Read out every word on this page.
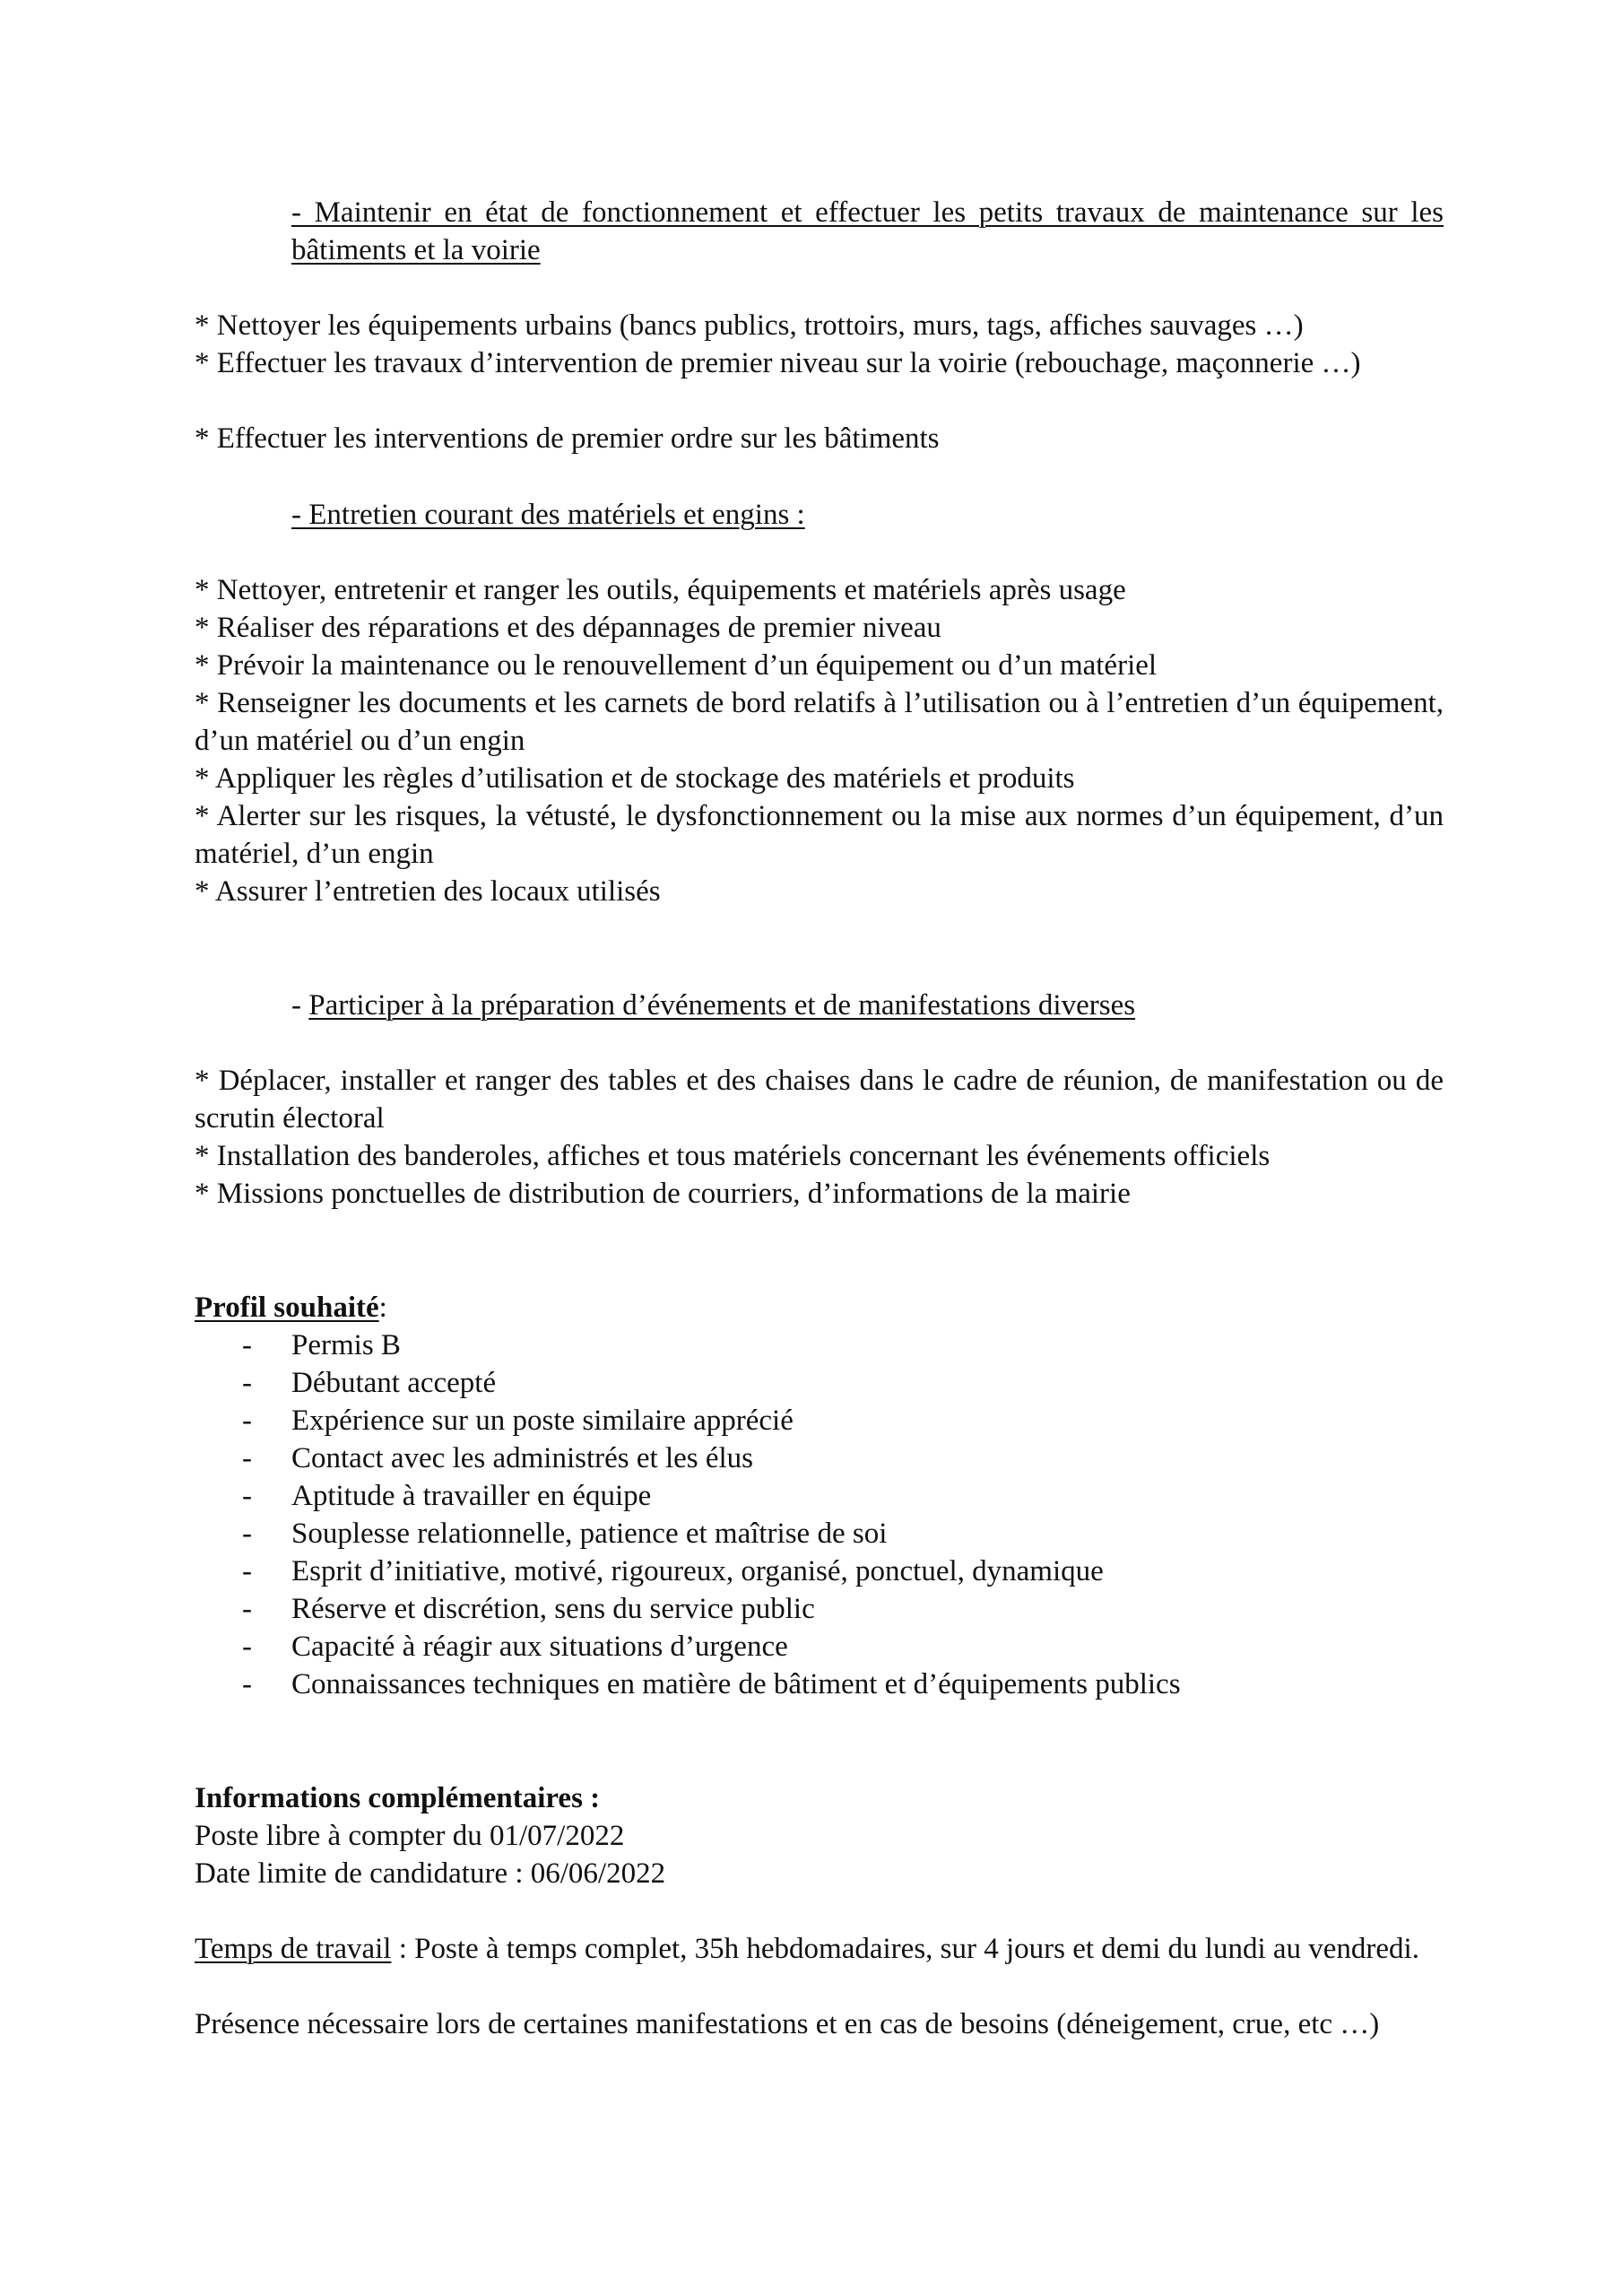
- Maintenir en état de fonctionnement et effectuer les petits travaux de maintenance sur les bâtiments et la voirie
* Nettoyer les équipements urbains (bancs publics, trottoirs, murs, tags, affiches sauvages …)
* Effectuer les travaux d’intervention de premier niveau sur la voirie (rebouchage, maçonnerie …)
* Effectuer les interventions de premier ordre sur les bâtiments
- Entretien courant des matériels et engins :
* Nettoyer, entretenir et ranger les outils, équipements et matériels après usage
* Réaliser des réparations et des dépannages de premier niveau
* Prévoir la maintenance ou le renouvellement d’un équipement ou d’un matériel
* Renseigner les documents et les carnets de bord relatifs à l’utilisation ou à l’entretien d’un équipement, d’un matériel ou d’un engin
* Appliquer les règles d’utilisation et de stockage des matériels et produits
* Alerter sur les risques, la vétusté, le dysfonctionnement ou la mise aux normes d’un équipement, d’un matériel, d’un engin
* Assurer l’entretien des locaux utilisés
- Participer à la préparation d’événements et de manifestations diverses
* Déplacer, installer et ranger des tables et des chaises dans le cadre de réunion, de manifestation ou de scrutin électoral
* Installation des banderoles, affiches et tous matériels concernant les événements officiels
* Missions ponctuelles de distribution de courriers, d’informations de la mairie
Profil souhaité:
-	Permis B
-	Débutant accepté
-	Expérience sur un poste similaire apprécié
-	Contact avec les administrés et les élus
-	Aptitude à travailler en équipe
-	Souplesse relationnelle, patience et maîtrise de soi
-	Esprit d’initiative, motivé, rigoureux, organisé, ponctuel, dynamique
-	Réserve et discrétion, sens du service public
-	Capacité à réagir aux situations d’urgence
-	Connaissances techniques en matière de bâtiment et d’équipements publics
Informations complémentaires :
Poste libre à compter du 01/07/2022
Date limite de candidature : 06/06/2022
Temps de travail : Poste à temps complet, 35h hebdomadaires, sur 4 jours et demi du lundi au vendredi.
Présence nécessaire lors de certaines manifestations et en cas de besoins (déneigement, crue, etc …)
